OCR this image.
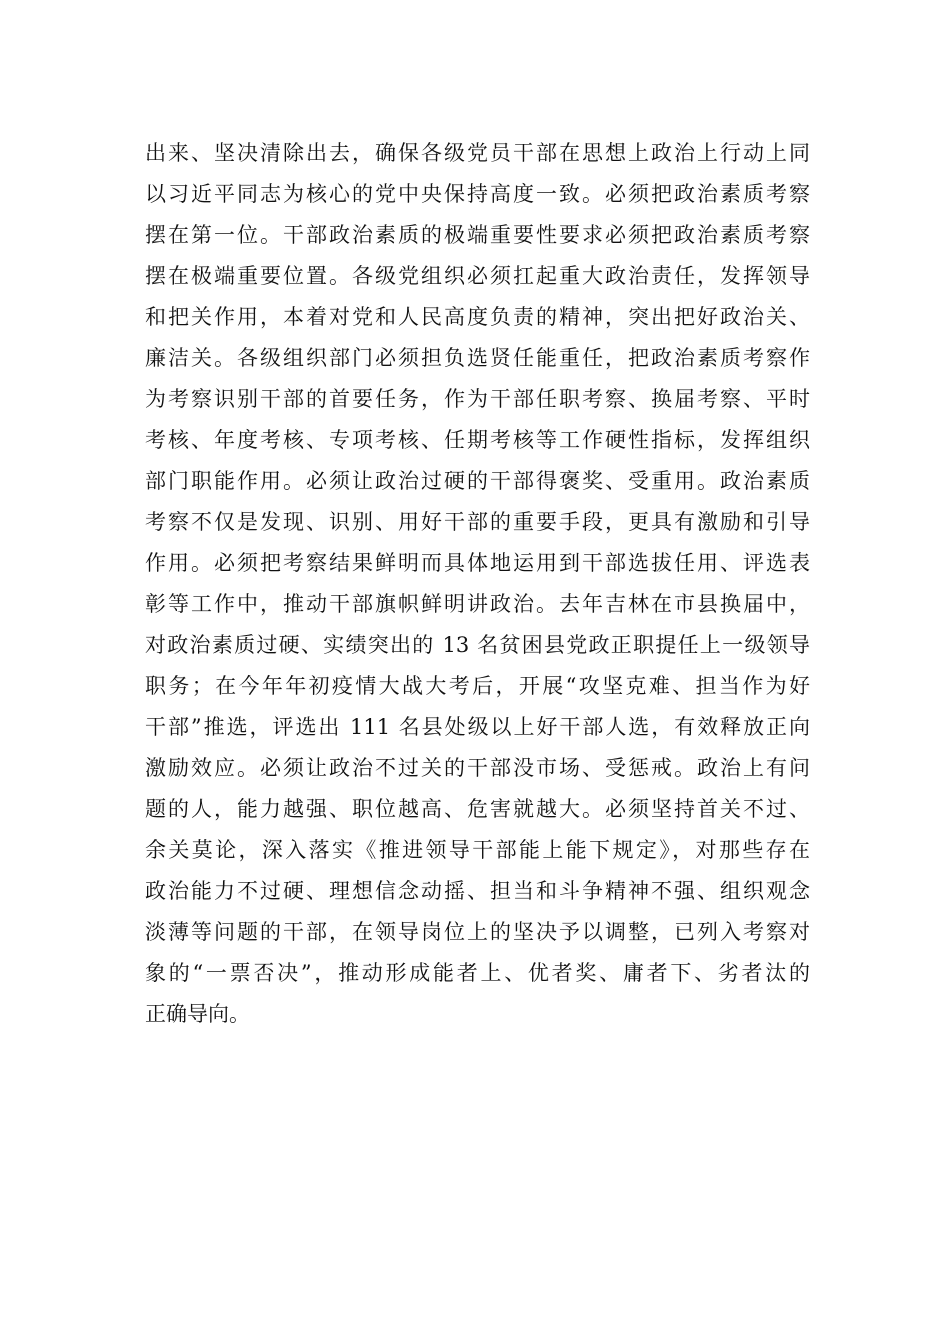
出来、坚决清除出去，确保各级党员干部在思想上政治上行动上同
以习近平同志为核心的党中央保持高度一致。必须把政治素质考察
摆在第一位。干部政治素质的极端重要性要求必须把政治素质考察
摆在极端重要位置。各级党组织必须扛起重大政治责任，发挥领导
和把关作用，本着对党和人民高度负责的精神，突出把好政治关、
廉洁关。各级组织部门必须担负选贤任能重任，把政治素质考察作
为考察识别干部的首要任务，作为干部任职考察、换届考察、平时
考核、年度考核、专项考核、任期考核等工作硬性指标，发挥组织
部门职能作用。必须让政治过硬的干部得褒奖、受重用。政治素质
考察不仅是发现、识别、用好干部的重要手段，更具有激励和引导
作用。必须把考察结果鲜明而具体地运用到干部选拔任用、评选表
彰等工作中，推动干部旗帜鲜明讲政治。去年吉林在市县换届中，
对政治素质过硬、实绩突出的 13 名贫困县党政正职提任上一级领导
职务；在今年年初疫情大战大考后，开展“攻坚克难、担当作为好
干部”推选，评选出 111 名县处级以上好干部人选，有效释放正向
激励效应。必须让政治不过关的干部没市场、受惩戒。政治上有问
题的人，能力越强、职位越高、危害就越大。必须坚持首关不过、
余关莫论，深入落实《推进领导干部能上能下规定》，对那些存在
政治能力不过硬、理想信念动摇、担当和斗争精神不强、组织观念
淡薄等问题的干部，在领导岗位上的坚决予以调整，已列入考察对
象的“一票否决”，推动形成能者上、优者奖、庸者下、劣者汰的
正确导向。
